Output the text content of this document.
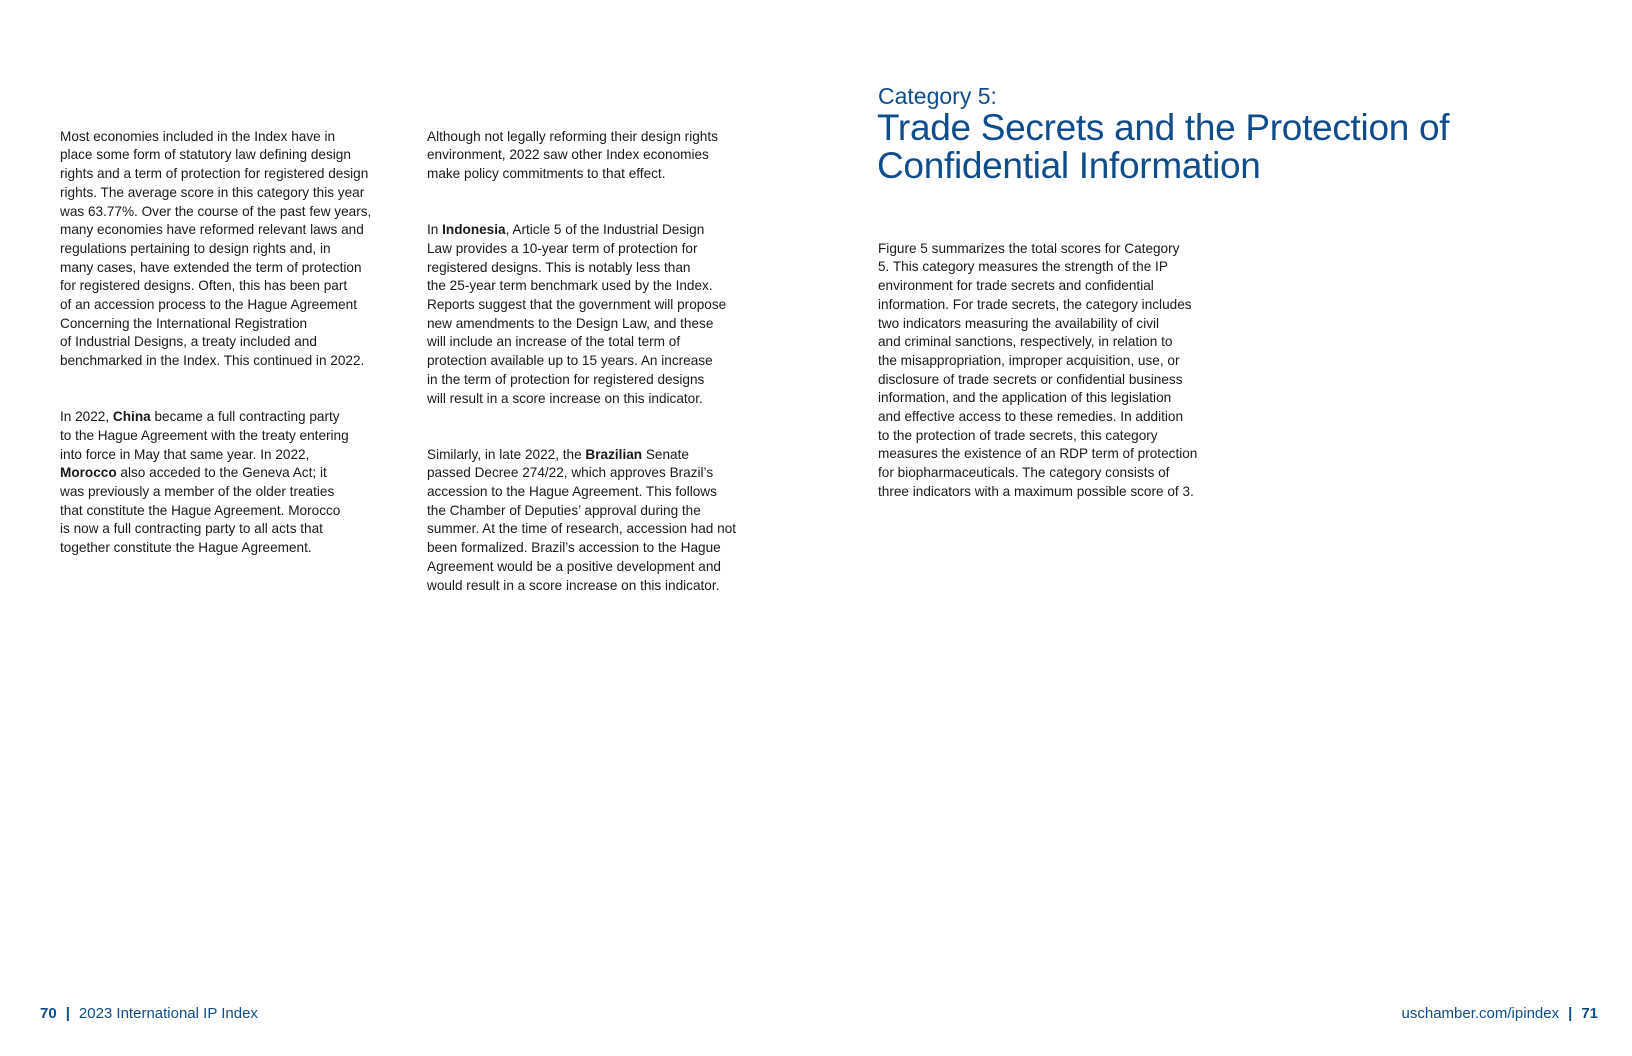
Most economies included in the Index have in
place some form of statutory law defining design
rights and a term of protection for registered design
rights. The average score in this category this year
was 63.77%. Over the course of the past few years,
many economies have reformed relevant laws and
regulations pertaining to design rights and, in
many cases, have extended the term of protection
for registered designs. Often, this has been part
of an accession process to the Hague Agreement
Concerning the International Registration
of Industrial Designs, a treaty included and
benchmarked in the Index. This continued in 2022.

In 2022, China became a full contracting party
to the Hague Agreement with the treaty entering
into force in May that same year. In 2022,
Morocco also acceded to the Geneva Act; it
was previously a member of the older treaties
that constitute the Hague Agreement. Morocco
is now a full contracting party to all acts that
together constitute the Hague Agreement.

Although not legally reforming their design rights
environment, 2022 saw other Index economies
make policy commitments to that effect.

In Indonesia, Article 5 of the Industrial Design
Law provides a 10-year term of protection for
registered designs. This is notably less than
the 25-year term benchmark used by the Index.
Reports suggest that the government will propose
new amendments to the Design Law, and these
will include an increase of the total term of
protection available up to 15 years. An increase
in the term of protection for registered designs
will result in a score increase on this indicator.

Similarly, in late 2022, the Brazilian Senate
passed Decree 274/22, which approves Brazil’s
accession to the Hague Agreement. This follows
the Chamber of Deputies’ approval during the
summer. At the time of research, accession had not
been formalized. Brazil’s accession to the Hague
Agreement would be a positive development and
would result in a score increase on this indicator.

Category 5:
Trade Secrets and the Protection of
Confidential Information

Figure 5 summarizes the total scores for Category
5. This category measures the strength of the IP
environment for trade secrets and confidential
information. For trade secrets, the category includes
two indicators measuring the availability of civil
and criminal sanctions, respectively, in relation to
the misappropriation, improper acquisition, use, or
disclosure of trade secrets or confidential business
information, and the application of this legislation
and effective access to these remedies. In addition
to the protection of trade secrets, this category
measures the existence of an RDP term of protection
for biopharmaceuticals. The category consists of
three indicators with a maximum possible score of 3.

70 | 2023 International IP Index	uschamber.com/ipindex | 71
